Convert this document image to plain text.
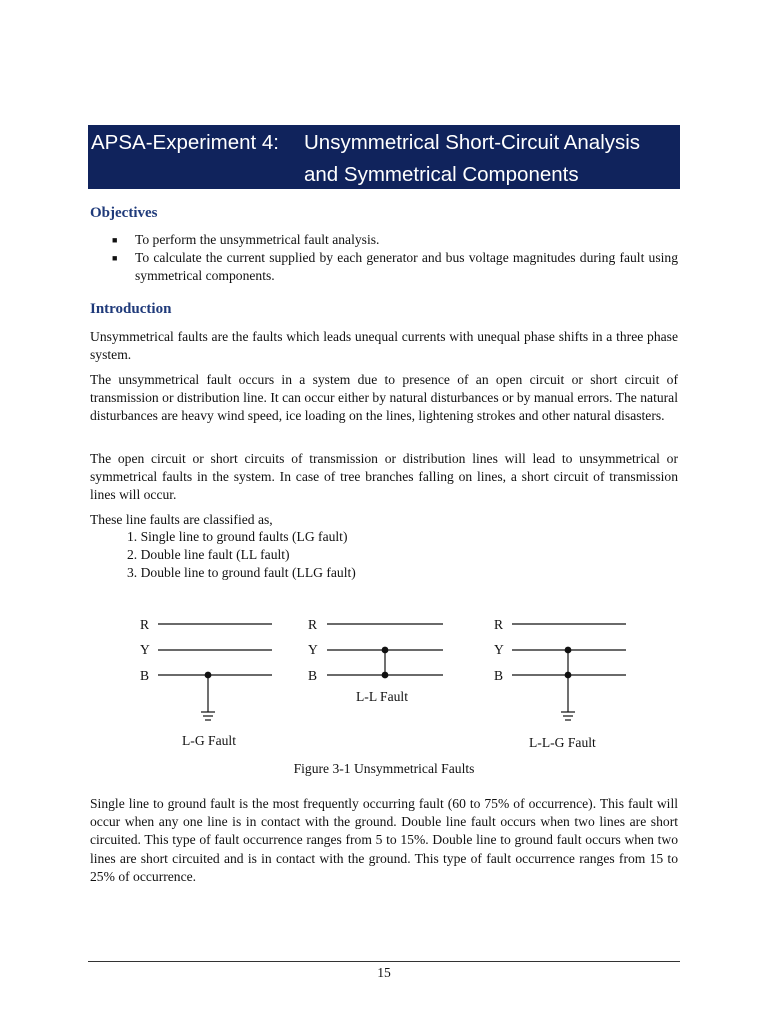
APSA-Experiment 4: Unsymmetrical Short-Circuit Analysis
and Symmetrical Components
Objectives
■ To perform the unsymmetrical fault analysis.
■ To calculate the current supplied by each generator and bus voltage magnitudes during fault using symmetrical components.
Introduction

Unsymmetrical faults are the faults which leads unequal currents with unequal phase shifts in a three phase system.

The unsymmetrical fault occurs in a system due to presence of an open circuit or short circuit of transmission or distribution line. It can occur either by natural disturbances or by manual errors. The natural disturbances are heavy wind speed, ice loading on the lines, lightening strokes and other natural disasters.

The open circuit or short circuits of transmission or distribution lines will lead to unsymmetrical or symmetrical faults in the system. In case of tree branches falling on lines, a short circuit of transmission lines will occur.

These line faults are classified as,

1. Single line to ground faults (LG fault)
2. Double line fault (LL fault)
3. Double line to ground fault (LLG fault)
R
Y
B
L-G Fault
R
Y
B
L-L Fault
R
Y
B
L-L-G Fault
Figure 3-1 Unsymmetrical Faults

Single line to ground fault is the most frequently occurring fault (60 to 75% of occurrence). This fault will occur when any one line is in contact with the ground. Double line fault occurs when two lines are short circuited. This type of fault occurrence ranges from 5 to 15%. Double line to ground fault occurs when two lines are short circuited and is in contact with the ground. This type of fault occurrence ranges from 15 to 25% of occurrence.

15
